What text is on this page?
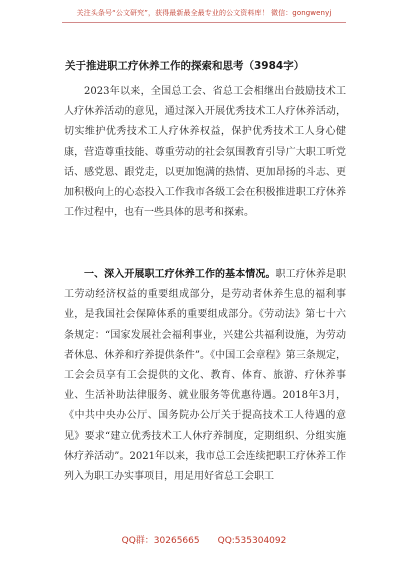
关注头条号“公文研究”，获得最新最全最专业的公文资料库！ 微信：gongwenyj
关于推进职工疗休养工作的探索和思考（3984字）

2023年以来，全国总工会、省总工会相继出台鼓励技术工人疗休养活动的意见，通过深入开展优秀技术工人疗休养活动，切实维护优秀技术工人疗休养权益，保护优秀技术工人身心健康，营造尊重技能、尊重劳动的社会氛围教育引导广大职工听党话、感党恩、跟党走，以更加饱满的热情、更加昂扬的斗志、更加积极向上的心态投入工作我市各级工会在积极推进职工疗休养工作过程中，也有一些具体的思考和探索。

一、深入开展职工疗休养工作的基本情况。职工疗休养是职工劳动经济权益的重要组成部分，是劳动者休养生息的福利事业，是我国社会保障体系的重要组成部分。《劳动法》第七十六条规定：“国家发展社会福利事业，兴建公共福利设施，为劳动者休息、休养和疗养提供条件”。《中国工会章程》第三条规定，工会会员享有工会提供的文化、教育、体育、旅游、疗休养事业、生活补助法律服务、就业服务等优惠待遇。2018年3月，《中共中央办公厅、国务院办公厅关于提高技术工人待遇的意见》要求“建立优秀技术工人休疗养制度，定期组织、分组实施休疗养活动”。2021年以来，我市总工会连续把职工疗休养工作列入为职工办实事项目，用足用好省总工会职工

QQ群：30265665 QQ:535304092
